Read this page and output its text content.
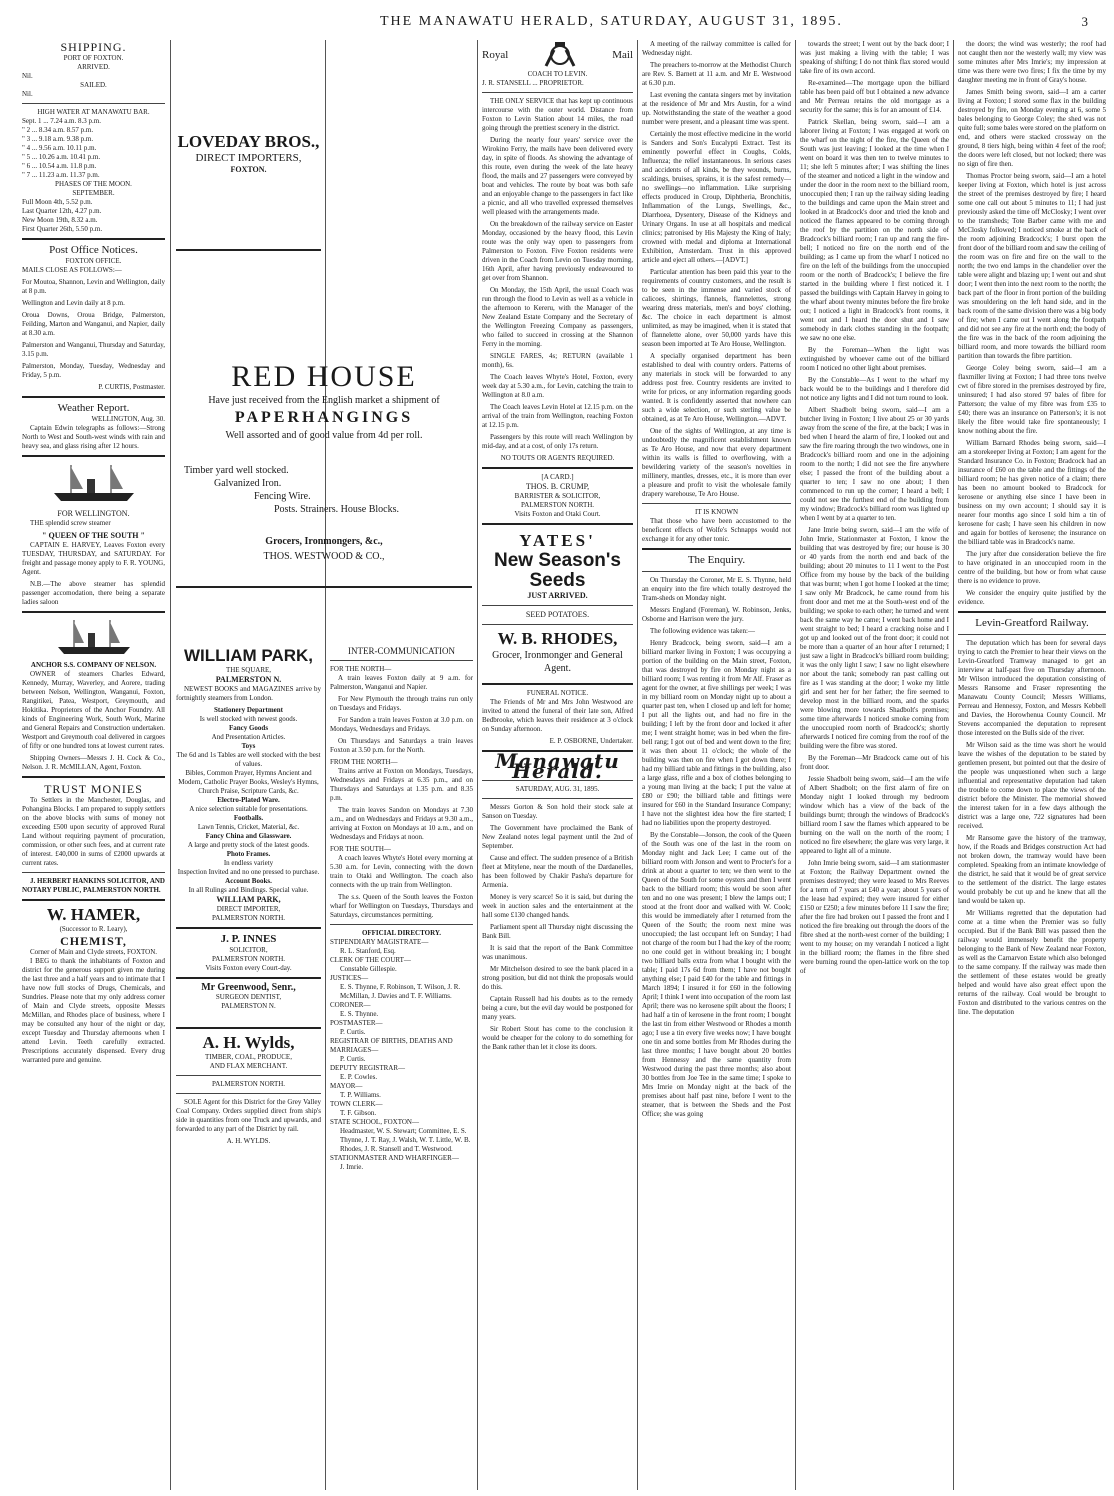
THE MANAWATU HERALD, SATURDAY, AUGUST 31, 1895.	3
SHIPPING.
PORT OF FOXTON.
ARRIVED.
Nil.
SAILED.
Nil.
HIGH WATER AT MANAWATU BAR.
Sept. 1 ... 7.24 a.m. 8.3 p.m.
" 2 ... 8.34 a.m. 8.57 p.m.
" 3 ... 9.18 a.m. 9.38 p.m.
" 4 ... 9.56 a.m. 10.11 p.m.
" 5 ... 10.26 a.m. 10.41 p.m.
" 6 ... 10.54 a.m. 11.8 p.m.
" 7 ... 11.23 a.m. 11.37 p.m.
PHASES OF THE MOON.
SEPTEMBER.
Full Moon 4th, 5.52 p.m.
Last Quarter 12th, 4.27 p.m.
New Moon 19th, 8.32 a.m.
First Quarter 26th, 5.50 p.m.
Post Office Notices.
FOXTON OFFICE.

MAILS CLOSE AS FOLLOWS:—

For Moutoa, Shannon, Levin and Wellington, daily at 8 p.m.

Wellington and Levin daily at 8 p.m.

Oroua Downs, Oroua Bridge, Palmerston, Feilding, Marton and Wanganui, and Napier, daily at 8.30 a.m.

Palmerston and Wanganui, Thursday and Saturday, 3.15 p.m.

Palmerston, Monday, Tuesday, Wednesday and Friday, 5 p.m.

P. CURTIS, Postmaster.

Weather Report.
WELLINGTON, Aug. 30.

Captain Edwin telegraphs as follows:—Strong North to West and South-west winds with rain and heavy sea, and glass rising after 12 hours.

FOR WELLINGTON.

THE splendid screw steamer

" QUEEN OF THE SOUTH "

CAPTAIN E. HARVEY, Leaves Foxton every TUESDAY, THURSDAY, and SATURDAY. For freight and passage money apply to F. R. YOUNG, Agent.

N.B.—The above steamer has splendid passenger accomodation, there being a separate ladies saloon

ANCHOR S.S. COMPANY OF NELSON.

OWNER of steamers Charles Edward, Kennedy, Murray, Waverley, and Aorere, trading between Nelson, Wellington, Wanganui, Foxton, Rangitikei, Patea, Westport, Greymouth, and Hokitika. Proprietors of the Anchor Foundry. All kinds of Engineering Work, South Work, Marine and General Repairs and Construction undertaken. Westport and Greymouth coal delivered in cargoes of fifty or one hundred tons at lowest current rates.

Shipping Owners—Messrs J. H. Cock & Co., Nelson. J. R. McMILLAN, Agent, Foxton.

TRUST MONIES

To Settlers in the Manchester, Douglas, and Pohangina Blocks. I am prepared to supply settlers on the above blocks with sums of money not exceeding £500 upon security of approved Rural Land without requiring payment of procuration, commission, or other such fees, and at current rate of interest. £40,000 in sums of £2000 upwards at current rates.

J. HERBERT HANKINS SOLICITOR, AND NOTARY PUBLIC, PALMERSTON NORTH.

W. HAMER,
(Successor to R. Leary),
CHEMIST,
Corner of Main and Clyde streets, FOXTON.

I BEG to thank the inhabitants of Foxton and district for the generous support given me during the last three and a half years and to intimate that I have now full stocks of Drugs, Chemicals, and Sundries. Please note that my only address corner of Main and Clyde streets, opposite Messrs McMillan, and Rhodes place of business, where I may be consulted any hour of the night or day, except Tuesday and Thursday afternoons when I attend Levin. Teeth carefully extracted. Prescriptions accurately dispensed. Every drug warranted pure and genuine.

LOVEDAY BROS.,
DIRECT IMPORTERS,
FOXTON.
RED HOUSE
Have just received from the English market a shipment of
PAPERHANGINGS
Well assorted and of good value from 4d per roll.
Timber yard well stocked.
Galvanized Iron.
Fencing Wire.
Posts. Strainers. House Blocks.
Grocers, Ironmongers, &c.,
THOS. WESTWOOD & CO.,
WILLIAM PARK,
THE SQUARE,
PALMERSTON N.

NEWEST BOOKS and MAGAZINES arrive by fortnightly steamers from London.

Stationery Department
Is well stocked with newest goods.
Fancy Goods
And Presentation Articles.
Toys
The 6d and 1s Tables are well stocked with the best of values.
Bibles, Common Prayer, Hymns Ancient and Modern, Catholic Prayer Books, Wesley's Hymns, Church Praise, Scripture Cards, &c.
Electro-Plated Ware.
A nice selection suitable for presentations.
Footballs.
Lawn Tennis, Cricket, Material, &c.
Fancy China and Glassware.
A large and pretty stock of the latest goods.
Photo Frames.
In endless variety
Inspection Invited and no one pressed to purchase.
Account Books.
In all Rulings and Bindings. Special value.
WILLIAM PARK,
DIRECT IMPORTER,
PALMERSTON NORTH.
J. P. INNES
SOLICITOR,
PALMERSTON NORTH.
Visits Foxton every Court-day.
Mr Greenwood, Senr.,
SURGEON DENTIST,
PALMERSTON N.
A. H. Wylds,
TIMBER, COAL, PRODUCE,
AND FLAX MERCHANT.
PALMERSTON NORTH.

SOLE Agent for this District for the Grey Valley Coal Company. Orders supplied direct from ship's side in quantities from one Truck and upwards, and forwarded to any part of the District by rail.

A. H. WYLDS.
INTER-COMMUNICATION
FOR THE NORTH—

A train leaves Foxton daily at 9 a.m. for Palmerston, Wanganui and Napier.

For New Plymouth the through trains run only on Tuesdays and Fridays.

For Sandon a train leaves Foxton at 3.0 p.m. on Mondays, Wednesdays and Fridays.

On Thursdays and Saturdays a train leaves Foxton at 3.50 p.m. for the North.

FROM THE NORTH—

Trains arrive at Foxton on Mondays, Tuesdays, Wednesdays and Fridays at 6.35 p.m., and on Thursdays and Saturdays at 1.35 p.m. and 8.35 p.m.

The train leaves Sandon on Mondays at 7.30 a.m., and on Wednesdays and Fridays at 9.30 a.m., arriving at Foxton on Mondays at 10 a.m., and on Wednesdays and Fridays at noon.

FOR THE SOUTH—

A coach leaves Whyte's Hotel every morning at 5.30 a.m. for Levin, connecting with the down train to Otaki and Wellington. The coach also connects with the up train from Wellington.

The s.s. Queen of the South leaves the Foxton wharf for Wellington on Tuesdays, Thursdays and Saturdays, circumstances permitting.

OFFICIAL DIRECTORY.
STIPENDIARY MAGISTRATE—
R. L. Stanford, Esq.
CLERK OF THE COURT—
Constable Gillespie.
JUSTICES—
E. S. Thynne, F. Robinson, T. Wilson, J. R. McMillan, J. Davies and T. F. Williams.
CORONER—
E. S. Thynne.
POSTMASTER—
P. Curtis.
REGISTRAR OF BIRTHS, DEATHS AND MARRIAGES—
P. Curtis.
DEPUTY REGISTRAR—
E. P. Cowles.
MAYOR—
T. P. Williams.
TOWN CLERK—
T. F. Gibson.
STATE SCHOOL, FOXTON—
Headmaster, W. S. Stewart; Committee, E. S. Thynne, J. T. Ray, J. Walsh, W. T. Little, W. B. Rhodes, J. R. Stansell and T. Westwood.
STATIONMASTER AND WHARFINGER—
J. Imrie.
Royal	Mail
COACH TO LEVIN.
J. R. STANSELL ... PROPRIETOR.

THE ONLY SERVICE that has kept up continuous intercourse with the outer world. Distance from Foxton to Levin Station about 14 miles, the road going through the prettiest scenery in the district.

During the nearly four years' service over the Wirokino Ferry, the mails have been delivered every day, in spite of floods. As showing the advantage of this route, even during the week of the late heavy flood, the mails and 27 passengers were conveyed by boat and vehicles. The route by boat was both safe and an enjoyable change to the passengers in fact like a picnic, and all who travelled expressed themselves well pleased with the arrangements made.

On the breakdown of the railway service on Easter Monday, occasioned by the heavy flood, this Levin route was the only way open to passengers from Palmerston to Foxton. Five Foxton residents were driven in the Coach from Levin on Tuesday morning, 16th April, after having previously endeavoured to get over from Shannon.

On Monday, the 15th April, the usual Coach was run through the flood to Levin as well as a vehicle in the afternoon to Kereru, with the Manager of the New Zealand Estate Company and the Secretary of the Wellington Freezing Company as passengers, who failed to succeed in crossing at the Shannon Ferry in the morning.

SINGLE FARES, 4s; RETURN (available 1 month), 6s.

The Coach leaves Whyte's Hotel, Foxton, every week day at 5.30 a.m., for Levin, catching the train to Wellington at 8.0 a.m.

The Coach leaves Levin Hotel at 12.15 p.m. on the arrival of the train from Wellington, reaching Foxton at 12.15 p.m.

Passengers by this route will reach Wellington by mid-day, and at a cost, of only 17s return.

NO TOUTS OR AGENTS REQUIRED.
[A CARD.]
THOS. B. CRUMP,
BARRISTER & SOLICITOR,
PALMERSTON NORTH.
Visits Foxton and Otaki Court.
YATES'
New Season's Seeds
JUST ARRIVED.
SEED POTATOES.
W. B. RHODES,
Grocer, Ironmonger and General Agent.
FUNERAL NOTICE.

The Friends of Mr and Mrs John Westwood are invited to attend the funeral of their late son, Alfred Bedbrooke, which leaves their residence at 3 o'clock on Sunday afternoon.

E. P. OSBORNE, Undertaker.
Manawatu Herald.
SATURDAY, AUG. 31, 1895.

Messrs Gorton & Son hold their stock sale at Sanson on Tuesday.

The Government have proclaimed the Bank of New Zealand notes legal payment until the 2nd of September.

Cause and effect. The sudden presence of a British fleet at Mitylene, near the mouth of the Dardanelles, has been followed by Chakir Pasha's departure for Armenia.

Money is very scarce! So it is said, but during the week in auction sales and the entertainment at the hall some £130 changed hands.

Parliament spent all Thursday night discussing the Bank Bill.

It is said that the report of the Bank Committee was unanimous.

Mr Mitchelson desired to see the bank placed in a strong position, but did not think the proposals would do this.

Captain Russell had his doubts as to the remedy being a cure, but the evil day would be postponed for many years.

Sir Robert Stout has come to the conclusion it would be cheaper for the colony to do something for the Bank rather than let it close its doors.

A meeting of the railway committee is called for Wednesday night.

The preachers to-morrow at the Methodist Church are Rev. S. Barnett at 11 a.m. and Mr E. Westwood at 6.30 p.m.

Last evening the cantata singers met by invitation at the residence of Mr and Mrs Austin, for a wind up. Notwithstanding the state of the weather a good number were present, and a pleasant time was spent.

Certainly the most effective medicine in the world is Sanders and Son's Eucalypti Extract. Test its eminently powerful effect in Coughs, Colds, Influenza; the relief instantaneous. In serious cases and accidents of all kinds, be they wounds, burns, scaldings, bruises, sprains, it is the safest remedy—no swellings—no inflammation. Like surprising effects produced in Croup, Diphtheria, Bronchitis, Inflammation of the Lungs, Swellings, &c., Diarrhoea, Dysentery, Disease of the Kidneys and Urinary Organs. In use at all hospitals and medical clinics; patronised by His Majesty the King of Italy; crowned with medal and diploma at International Exhibition, Amsterdam. Trust in this approved article and eject all others.—[ADVT.]

Particular attention has been paid this year to the requirements of country customers, and the result is to be seen in the immense and varied stock of calicoes, shirtings, flannels, flannelettes, strong wearing dress materials, men's and boys' clothing, &c. The choice in each department is almost unlimited, as may be imagined, when it is stated that of flannelette alone, over 50,000 yards have this season been imported at Te Aro House, Wellington.

A specially organised department has been established to deal with country orders. Patterns of any materials in stock will be forwarded to any address post free. Country residents are invited to write for prices, or any information regarding goods wanted. It is confidently asserted that nowhere can such a wide selection, or such sterling value be obtained, as at Te Aro House, Wellington.—ADVT.

One of the sights of Wellington, at any time is undoubtedly the magnificent establishment known as Te Aro House, and now that every department within its walls is filled to overflowing, with a bewildering variety of the season's novelties in millinery, mantles, dresses, etc., it is more than ever a pleasure and profit to visit the wholesale family drapery warehouse, Te Aro House.

IT IS KNOWN

That those who have been accustomed to the beneficent effects of Wolfe's Schnapps would not exchange it for any other tonic.

The Enquiry.

On Thursday the Coroner, Mr E. S. Thynne, held an enquiry into the fire which totally destroyed the Tram-sheds on Monday night.

Messrs England (Foreman), W. Robinson, Jenks, Osborne and Harrison were the jury.

The following evidence was taken:—

Henry Bradcock, being sworn, said—I am a billiard marker living in Foxton; I was occupying a portion of the building on the Main street, Foxton, that was destroyed by fire on Monday night as a billiard room; I was renting it from Mr Alf. Fraser as agent for the owner, at five shillings per week; I was in my billiard room on Monday night up to about a quarter past ten, when I closed up and left for home; I put all the lights out, and had no fire in the building; I left by the front door and locked it after me; I went straight home; was in bed when the fire-bell rang; I got out of bed and went down to the fire; it was then about 11 o'clock; the whole of the building was then on fire when I got down there; I had my billiard table and fittings in the building, also a large glass, rifle and a box of clothes belonging to a young man living at the back; I put the value at £80 or £90; the billiard table and fittings were insured for £60 in the Standard Insurance Company; I have not the slightest idea how the fire started; I had no liabilities upon the property destroyed.

By the Constable—Jonson, the cook of the Queen of the South was one of the last in the room on Monday night and Jack Lee; I came out of the billiard room with Jonson and went to Procter's for a drink at about a quarter to ten; we then went to the Queen of the South for some oysters and then I went back to the billiard room; this would be soon after ten and no one was present; I blew the lamps out; I stood at the front door and walked with W. Cook; this would be immediately after I returned from the Queen of the South; the room next mine was unoccupied; the last occupant left on Sunday; I had not charge of the room but I had the key of the room; no one could get in without breaking in; I bought two billiard balls extra from what I bought with the table; I paid 17s 6d from them; I have not bought anything else; I paid £40 for the table and fittings in March 1894; I insured it for £60 in the following April; I think I went into occupation of the room last April; there was no kerosene spilt about the floors; I had half a tin of kerosene in the front room; I bought the last tin from either Westwood or Rhodes a month ago; I use a tin every five weeks now; I have bought one tin and some bottles from Mr Rhodes during the last three months; I have bought about 20 bottles from Hennessy and the same quantity from Westwood during the past three months; also about 30 bottles from Joe Tee in the same time; I spoke to Mrs Imrie on Monday night at the back of the premises about half past nine, before I went to the steamer, that is between the Sheds and the Post Office; she was going

towards the street; I went out by the back door; I was just making a living with the table; I was speaking of shifting; I do not think flax stored would take fire of its own accord.

Re-examined—The mortgage upon the billiard table has been paid off but I obtained a new advance and Mr Perreau retains the old mortgage as a security for the same; this is for an amount of £14.

Patrick Skellan, being sworn, said—I am a laborer living at Foxton; I was engaged at work on the wharf on the night of the fire, the Queen of the South was just leaving; I looked at the time when I went on board it was then ten to twelve minutes to 11; she left 5 minutes after; I was shifting the lines of the steamer and noticed a light in the window and under the door in the room next to the billiard room, unoccupied then; I ran up the railway siding leading to the buildings and came upon the Main street and looked in at Bradcock's door and tried the knob and noticed the flames appeared to be coming through the roof by the partition on the north side of Bradcock's billiard room; I ran up and rang the fire-bell; I noticed no fire on the north end of the building; as I came up from the wharf I noticed no fire on the left of the buildings from the unoccupied room or the north of Bradcock's; I believe the fire started in the building where I first noticed it. I passed the buildings with Captain Harvey in going to the wharf about twenty minutes before the fire broke out; I noticed a light in Bradcock's front rooms, it went out and I heard the door shut and I saw somebody in dark clothes standing in the footpath; we saw no one else.

By the Foreman—When the light was extinguished by whoever came out of the billiard room I noticed no other light about premises.

By the Constable—As I went to the wharf my back would be to the buildings and I therefore did not notice any lights and I did not turn round to look.

Albert Shadbolt being sworn, said—I am a butcher living in Foxton; I live about 25 or 30 yards away from the scene of the fire, at the back; I was in bed when I heard the alarm of fire, I looked out and saw the fire roaring through the two windows, one in Bradcock's billiard room and one in the adjoining room to the north; I did not see the fire anywhere else; I passed the front of the building about a quarter to ten; I saw no one about; I then commenced to run up the corner; I heard a bell; I could not see the furthest end of the building from my window; Bradcock's billiard room was lighted up when I went by at a quarter to ten.

Jane Imrie being sworn, said—I am the wife of John Imrie, Stationmaster at Foxton, I know the building that was destroyed by fire; our house is 30 or 40 yards from the north end and back of the building; about 20 minutes to 11 I went to the Post Office from my house by the back of the building that was burnt; when I got home I looked at the time; I saw only Mr Bradcock, he came round from his front door and met me at the South-west end of the building; we spoke to each other; he turned and went back the same way he came; I went back home and I went straight to bed; I heard a cracking noise and I got up and looked out of the front door; it could not be more than a quarter of an hour after I returned; I just saw a light in Bradcock's billiard room building; it was the only light I saw; I saw no light elsewhere nor about the tank; somebody ran past calling out fire as I was standing at the door; I woke my little girl and sent her for her father; the fire seemed to develop most in the billiard room, and the sparks were blowing more towards Shadbolt's premises; some time afterwards I noticed smoke coming from the unoccupied room north of Bradcock's; shortly afterwards I noticed fire coming from the roof of the building were the fibre was stored.

By the Foreman—Mr Bradcock came out of his front door.

Jessie Shadbolt being sworn, said—I am the wife of Albert Shadbolt; on the first alarm of fire on Monday night I looked through my bedroom window which has a view of the back of the buildings burnt; through the windows of Bradcock's billiard room I saw the flames which appeared to be burning on the wall on the north of the room; I noticed no fire elsewhere; the glare was very large, it appeared to light all of a minute.

John Imrie being sworn, said—I am stationmaster at Foxton; the Railway Department owned the premises destroyed; they were leased to Mrs Reeves for a term of 7 years at £40 a year; about 5 years of the lease had expired; they were insured for either £150 or £250; a few minutes before 11 I saw the fire; after the fire had broken out I passed the front and I noticed the fire breaking out through the doors of the fibre shed at the north-west corner of the building; I went to my house; on my verandah I noticed a light in the billiard room; the flames in the fibre shed were burning round the open-lattice work on the top of

the doors; the wind was westerly; the roof had not caught then nor the westerly wall; my view was some minutes after Mrs Imrie's; my impression at time was there were two fires; I fix the time by my daughter meeting me in front of Gray's house.

James Smith being sworn, said—I am a carter living at Foxton; I stored some flax in the building destroyed by fire, on Monday evening at 6, some 5 bales belonging to George Coley; the shed was not quite full; some bales were stored on the platform on end, and others were stacked crossway on the ground, 8 tiers high, being within 4 feet of the roof; the doors were left closed, but not locked; there was no sign of fire then.

Thomas Proctor being sworn, said—I am a hotel keeper living at Foxton, which hotel is just across the street of the premises destroyed by fire; I heard some one call out about 5 minutes to 11; I had just previously asked the time off McClosky; I went over to the tramsheds; Tote Barber came with me and McClosky followed; I noticed smoke at the back of the room adjoining Bradcock's; I burst open the front door of the billiard room and saw the ceiling of the room was on fire and fire on the wall to the north; the two end lamps in the chandelier over the table were alight and blazing up; I went out and shut door; I went then into the next room to the north; the back part of the floor in front portion of the building was smouldering on the left hand side, and in the back room of the same division there was a big body of fire; when I came out I went along the footpath and did not see any fire at the north end; the body of the fire was in the back of the room adjoining the billiard room, and more towards the billiard room partition than towards the fibre partition.

George Coley being sworn, said—I am a flaxmiller living at Foxton; I had three tons twelve cwt of fibre stored in the premises destroyed by fire, uninsured; I had also stored 97 bales of fibre for Patterson; the value of my fibre was from £35 to £40; there was an insurance on Patterson's; it is not likely the fibre would take fire spontaneously; I know nothing about the fire.

William Barnard Rhodes being sworn, said—I am a storekeeper living at Foxton; I am agent for the Standard Insurance Co. in Foxton; Bradcock had an insurance of £60 on the table and the fittings of the billiard room; he has given notice of a claim; there has been no amount booked to Bradcock for kerosene or anything else since I have been in business on my own account; I should say it is nearer four months ago since I sold him a tin of kerosene for cash; I have seen his children in now and again for bottles of kerosene; the insurance on the billiard table was in Bradcock's name.

The jury after due consideration believe the fire to have originated in an unoccupied room in the centre of the building, but how or from what cause there is no evidence to prove.

We consider the enquiry quite justified by the evidence.

Levin-Greatford Railway.

The deputation which has been for several days trying to catch the Premier to hear their views on the Levin-Greatford Tramway managed to get an interview at half-past five on Thursday afternoon. Mr Wilson introduced the deputation consisting of Messrs Ransome and Fraser representing the Manawatu County Council; Messrs Williams, Perreau and Hennessy, Foxton, and Messrs Kebbell and Davies, the Horowhenua County Council. Mr Stevens accompanied the deputation to represent those interested on the Bulls side of the river.

Mr Wilson said as the time was short he would leave the wishes of the deputation to be stated by gentlemen present, but pointed out that the desire of the people was unquestioned when such a large influential and representative deputation had taken the trouble to come down to place the views of the district before the Minister. The memorial showed the interest taken for in a few days although the district was a large one, 722 signatures had been received.

Mr Ransome gave the history of the tramway, how, if the Roads and Bridges construction Act had not broken down, the tramway would have been completed. Speaking from an intimate knowledge of the district, he said that it would be of great service to the settlement of the district. The large estates would probably be cut up and he knew that all the land would be taken up.

Mr Williams regretted that the deputation had come at a time when the Premier was so fully occupied. But if the Bank Bill was passed then the railway would immensely benefit the property belonging to the Bank of New Zealand near Foxton, as well as the Carnarvon Estate which also belonged to the same company. If the railway was made then the settlement of these estates would be greatly helped and would have also great effect upon the returns of the railway. Coal would be brought to Foxton and distributed to the various centres on the line. The deputation
